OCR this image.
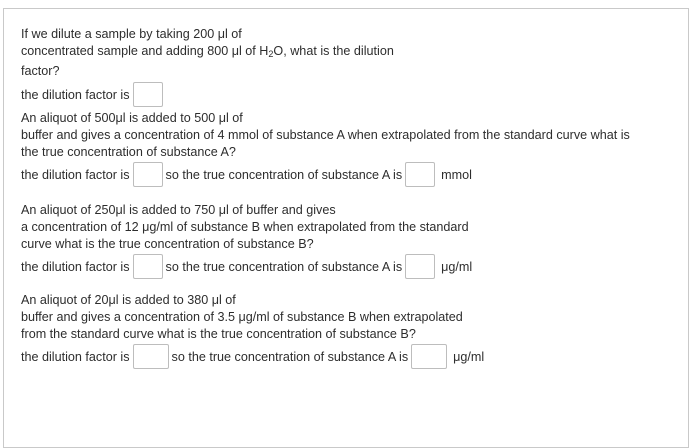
If we dilute a sample by taking 200 μl of
concentrated sample and adding 800 μl of $H_2O$, what is the dilution
factor?
the dilution factor is
An aliquot of 500μl is added to 500 μl of
buffer and gives a concentration of 4 mmol of substance A when extrapolated from the standard curve what is
the true concentration of substance A?
the dilution factor is	so the true concentration of substance A is	mmol
An aliquot of 250μl is added to 750 μl of buffer and gives
a concentration of 12 μg/ml of substance B when extrapolated from the standard
curve what is the true concentration of substance B?
the dilution factor is	so the true concentration of substance A is	μg/ml
An aliquot of 20μl is added to 380 μl of
buffer and gives a concentration of 3.5 μg/ml of substance B when extrapolated
from the standard curve what is the true concentration of substance B?
the dilution factor is	so the true concentration of substance A is	μg/ml
